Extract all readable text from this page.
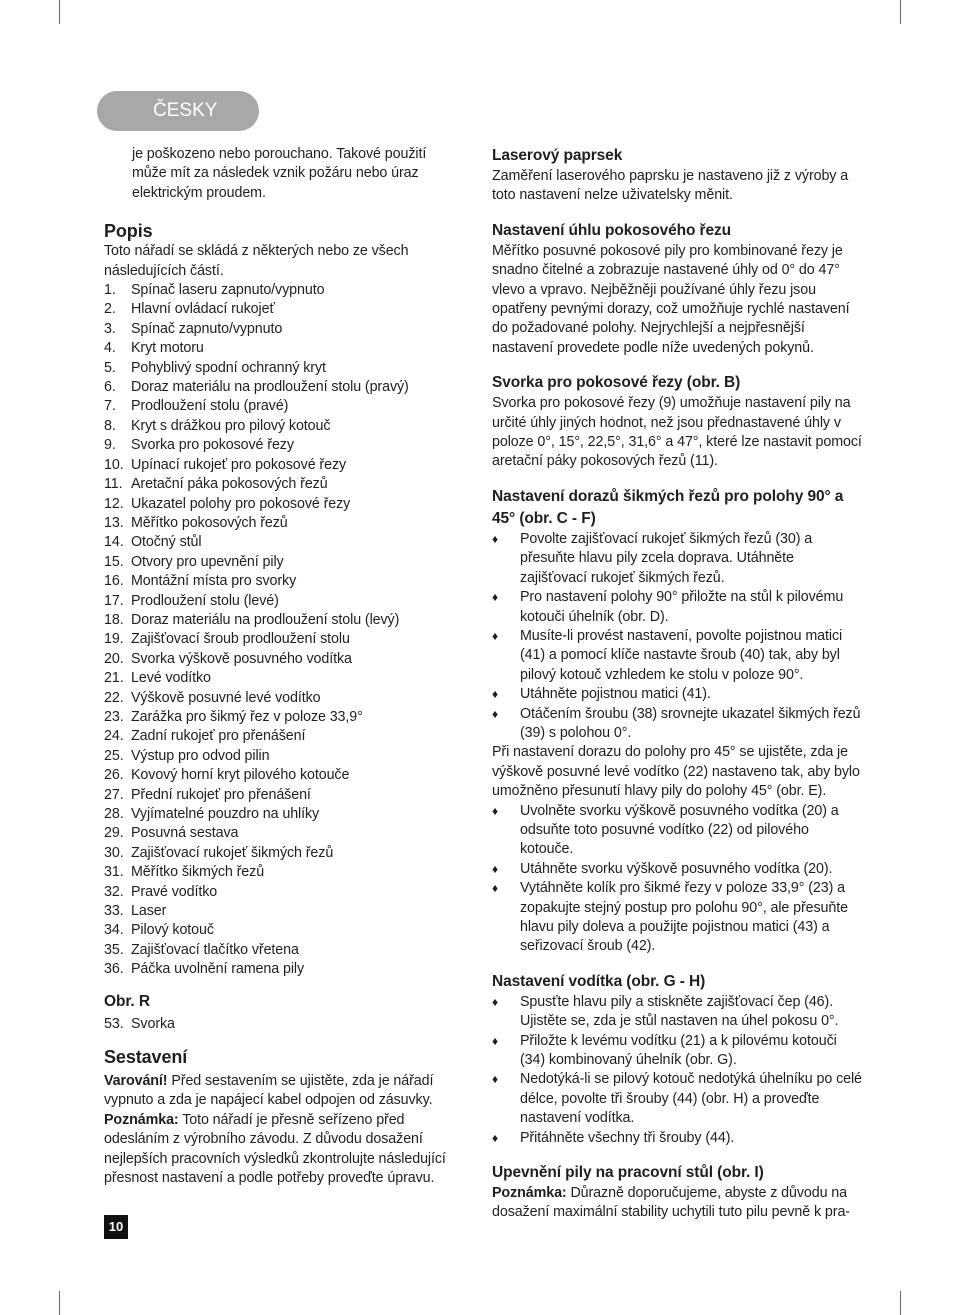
ČESKY

je poškozeno nebo porouchano. Takové použití může mít za následek vznik požáru nebo úraz elektrickým proudem.

Popis

Toto nářadí se skládá z některých nebo ze všech následujících částí.

1. Spínač laseru zapnuto/vypnuto
2. Hlavní ovládací rukojeť
3. Spínač zapnuto/vypnuto
4. Kryt motoru
5. Pohyblivý spodní ochranný kryt
6. Doraz materiálu na prodloužení stolu (pravý)
7. Prodloužení stolu (pravé)
8. Kryt s drážkou pro pilový kotouč
9. Svorka pro pokosové řezy
10. Upínací rukojeť pro pokosové řezy
11. Aretační páka pokosových řezů
12. Ukazatel polohy pro pokosové řezy
13. Měřítko pokosových řezů
14. Otočný stůl
15. Otvory pro upevnění pily
16. Montážní místa pro svorky
17. Prodloužení stolu (levé)
18. Doraz materiálu na prodloužení stolu (levý)
19. Zajišťovací šroub prodloužení stolu
20. Svorka výškově posuvného vodítka
21. Levé vodítko
22. Výškově posuvné levé vodítko
23. Zarážka pro šikmý řez v poloze 33,9°
24. Zadní rukojeť pro přenášení
25. Výstup pro odvod pilin
26. Kovový horní kryt pilového kotouče
27. Přední rukojeť pro přenášení
28. Vyjímatelné pouzdro na uhlíky
29. Posuvná sestava
30. Zajišťovací rukojeť šikmých řezů
31. Měřítko šikmých řezů
32. Pravé vodítko
33. Laser
34. Pilový kotouč
35. Zajišťovací tlačítko vřetena
36. Páčka uvolnění ramena pily
Obr. R
53. Svorka
Sestavení

Varování! Před sestavením se ujistěte, zda je nářadí vypnuto a zda je napájecí kabel odpojen od zásuvky.

Poznámka: Toto nářadí je přesně seřízeno před odesláním z výrobního závodu. Z důvodu dosažení nejlepších pracovních výsledků zkontrolujte následující přesnost nastavení a podle potřeby proveďte úpravu.

Laserový paprsek

Zaměření laserového paprsku je nastaveno již z výroby a toto nastavení nelze uživatelsky měnit.

Nastavení úhlu pokosového řezu

Měřítko posuvné pokosové pily pro kombinované řezy je snadno čitelné a zobrazuje nastavené úhly od 0° do 47° vlevo a vpravo. Nejběžněji používané úhly řezu jsou opatřeny pevnými dorazy, což umožňuje rychlé nastavení do požadované polohy. Nejrychlejší a nejpřesnější nastavení provedete podle níže uvedených pokynů.

Svorka pro pokosové řezy (obr. B)

Svorka pro pokosové řezy (9) umožňuje nastavení pily na určité úhly jiných hodnot, než jsou přednastavené úhly v poloze 0°, 15°, 22,5°, 31,6° a 47°, které lze nastavit pomocí aretační páky pokosových řezů (11).

Nastavení dorazů šikmých řezů pro polohy 90° a 45° (obr. C - F)
♦ Povolte zajišťovací rukojeť šikmých řezů (30) a přesuňte hlavu pily zcela doprava. Utáhněte zajišťovací rukojeť šikmých řezů.
♦ Pro nastavení polohy 90° přiložte na stůl k pilovému kotouči úhelník (obr. D).
♦ Musíte-li provést nastavení, povolte pojistnou matici (41) a pomocí klíče nastavte šroub (40) tak, aby byl pilový kotouč vzhledem ke stolu v poloze 90°.
♦ Utáhněte pojistnou matici (41).
♦ Otáčením šroubu (38) srovnejte ukazatel šikmých řezů (39) s polohou 0°.

Při nastavení dorazu do polohy pro 45° se ujistěte, zda je výškově posuvné levé vodítko (22) nastaveno tak, aby bylo umožněno přesunutí hlavy pily do polohy 45° (obr. E).

♦ Uvolněte svorku výškově posuvného vodítka (20) a odsuňte toto posuvné vodítko (22) od pilového kotouče.
♦ Utáhněte svorku výškově posuvného vodítka (20).
♦ Vytáhněte kolík pro šikmé řezy v poloze 33,9° (23) a zopakujte stejný postup pro polohu 90°, ale přesuňte hlavu pily doleva a použijte pojistnou matici (43) a seřizovací šroub (42).
Nastavení vodítka (obr. G - H)
♦ Spusťte hlavu pily a stiskněte zajišťovací čep (46). Ujistěte se, zda je stůl nastaven na úhel pokosu 0°.
♦ Přiložte k levému vodítku (21) a k pilovému kotouči (34) kombinovaný úhelník (obr. G).
♦ Nedotýká-li se pilový kotouč nedotýká úhelníku po celé délce, povolte tři šrouby (44) (obr. H) a proveďte nastavení vodítka.
♦ Přitáhněte všechny tři šrouby (44).
Upevnění pily na pracovní stůl (obr. I)

Poznámka: Důrazně doporučujeme, abyste z důvodu na dosažení maximální stability uchytili tuto pilu pevně k pra-

10
